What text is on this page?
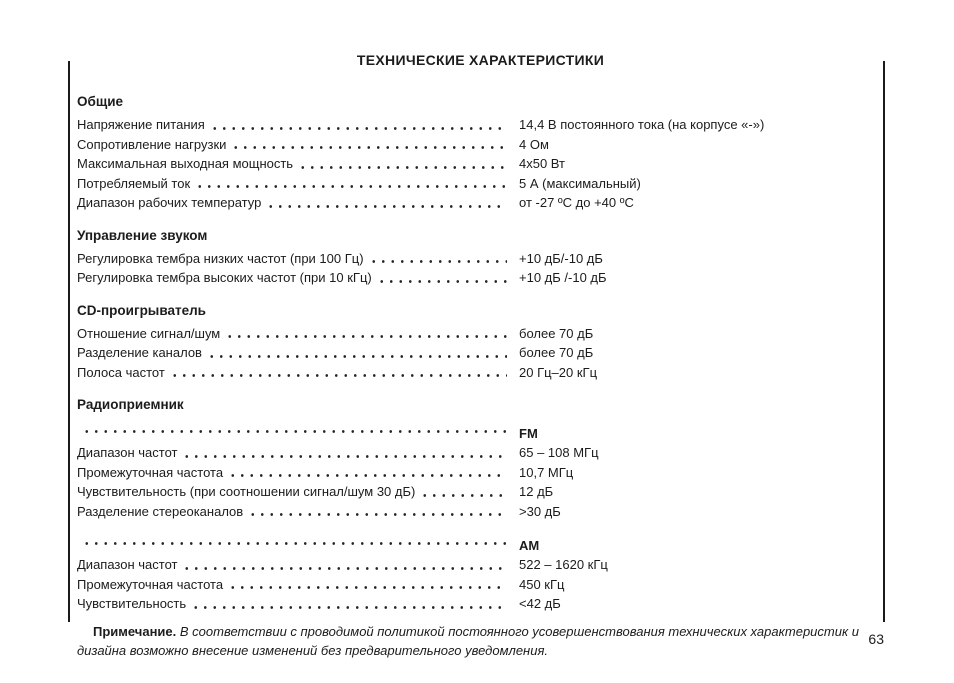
ТЕХНИЧЕСКИЕ ХАРАКТЕРИСТИКИ
Общие
Напряжение питания	14,4 В постоянного тока (на корпусе «-»)
Сопротивление нагрузки	4 Ом
Максимальная выходная мощность	4x50 Вт
Потребляемый ток	5 А (максимальный)
Диапазон рабочих температур	от -27 ºС до +40 ºС
Управление звуком
Регулировка тембра низких частот (при 100 Гц)	+10 дБ/-10 дБ
Регулировка тембра высоких частот (при 10 кГц)	+10 дБ /-10 дБ
CD-проигрыватель
Отношение сигнал/шум	более 70 дБ
Разделение каналов	более 70 дБ
Полоса частот	20 Гц–20 кГц
Радиоприемник
FM
Диапазон частот	65 – 108 МГц
Промежуточная частота	10,7 МГц
Чувствительность (при соотношении сигнал/шум 30 дБ)	12 дБ
Разделение стереоканалов	>30 дБ
AM
Диапазон частот	522 – 1620 кГц
Промежуточная частота	450 кГц
Чувствительность	<42 дБ

Примечание. В соответствии с проводимой политикой постоянного усовершенствования технических характеристик и дизайна возможно внесение изменений без предварительного уведомления.

63
